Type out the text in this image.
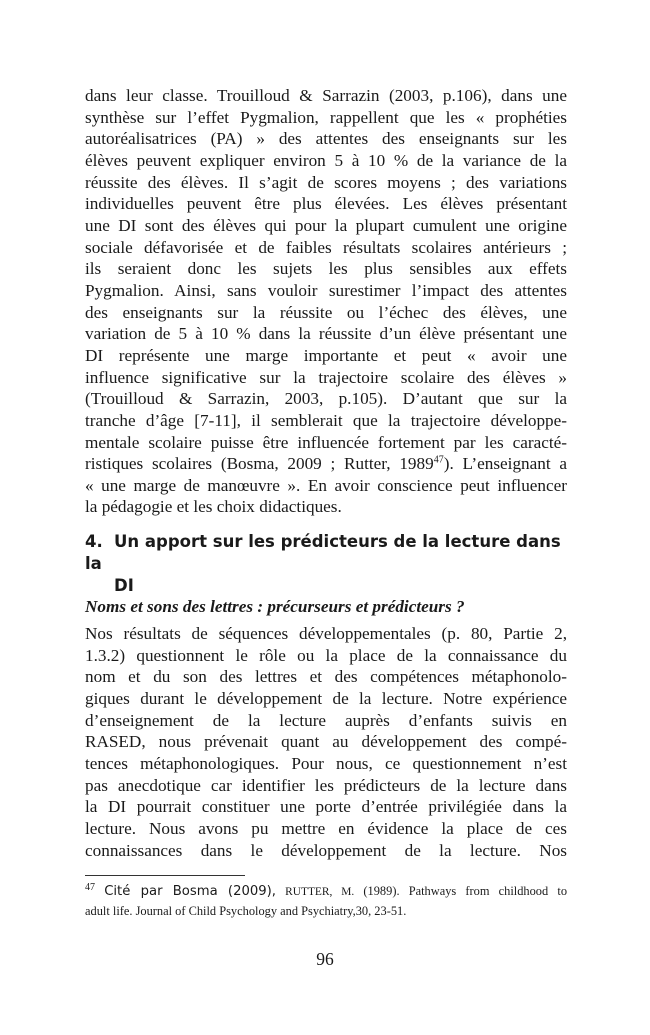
dans leur classe. Trouilloud & Sarrazin (2003, p.106), dans une

synthèse sur l’effet Pygmalion, rappellent que les « prophéties

autoréalisatrices (PA) » des attentes des enseignants sur les

élèves peuvent expliquer environ 5 à 10 % de la variance de la

réussite des élèves. Il s’agit de scores moyens ; des variations

individuelles peuvent être plus élevées. Les élèves présentant

une DI sont des élèves qui pour la plupart cumulent une origine

sociale défavorisée et de faibles résultats scolaires antérieurs ;

ils seraient donc les sujets les plus sensibles aux effets

Pygmalion. Ainsi, sans vouloir surestimer l’impact des attentes

des enseignants sur la réussite ou l’échec des élèves, une

variation de 5 à 10 % dans la réussite d’un élève présentant une

DI représente une marge importante et peut « avoir une

influence significative sur la trajectoire scolaire des élèves »

(Trouilloud & Sarrazin, 2003, p.105). D’autant que sur la

tranche d’âge [7-11], il semblerait que la trajectoire développe-

mentale scolaire puisse être influencée fortement par les caracté-

ristiques scolaires (Bosma, 2009 ; Rutter, 1989$^{47}$). L’enseignant a

« une marge de manœuvre ». En avoir conscience peut influencer

la pédagogie et les choix didactiques.

4. Un apport sur les prédicteurs de la lecture dans la
DI

Noms et sons des lettres : précurseurs et prédicteurs ?

Nos résultats de séquences développementales (p. 80, Partie 2,

1.3.2) questionnent le rôle ou la place de la connaissance du

nom et du son des lettres et des compétences métaphonolo-

giques durant le développement de la lecture. Notre expérience

d’enseignement de la lecture auprès d’enfants suivis en

RASED, nous prévenait quant au développement des compé-

tences métaphonologiques. Pour nous, ce questionnement n’est

pas anecdotique car identifier les prédicteurs de la lecture dans

la DI pourrait constituer une porte d’entrée privilégiée dans la

lecture. Nous avons pu mettre en évidence la place de ces

connaissances dans le développement de la lecture. Nos

$^{47}$ Cité par Bosma (2009), RUTTER, M. (1989). Pathways from childhood to
adult life. Journal of Child Psychology and Psychiatry,30, 23-51.

96
